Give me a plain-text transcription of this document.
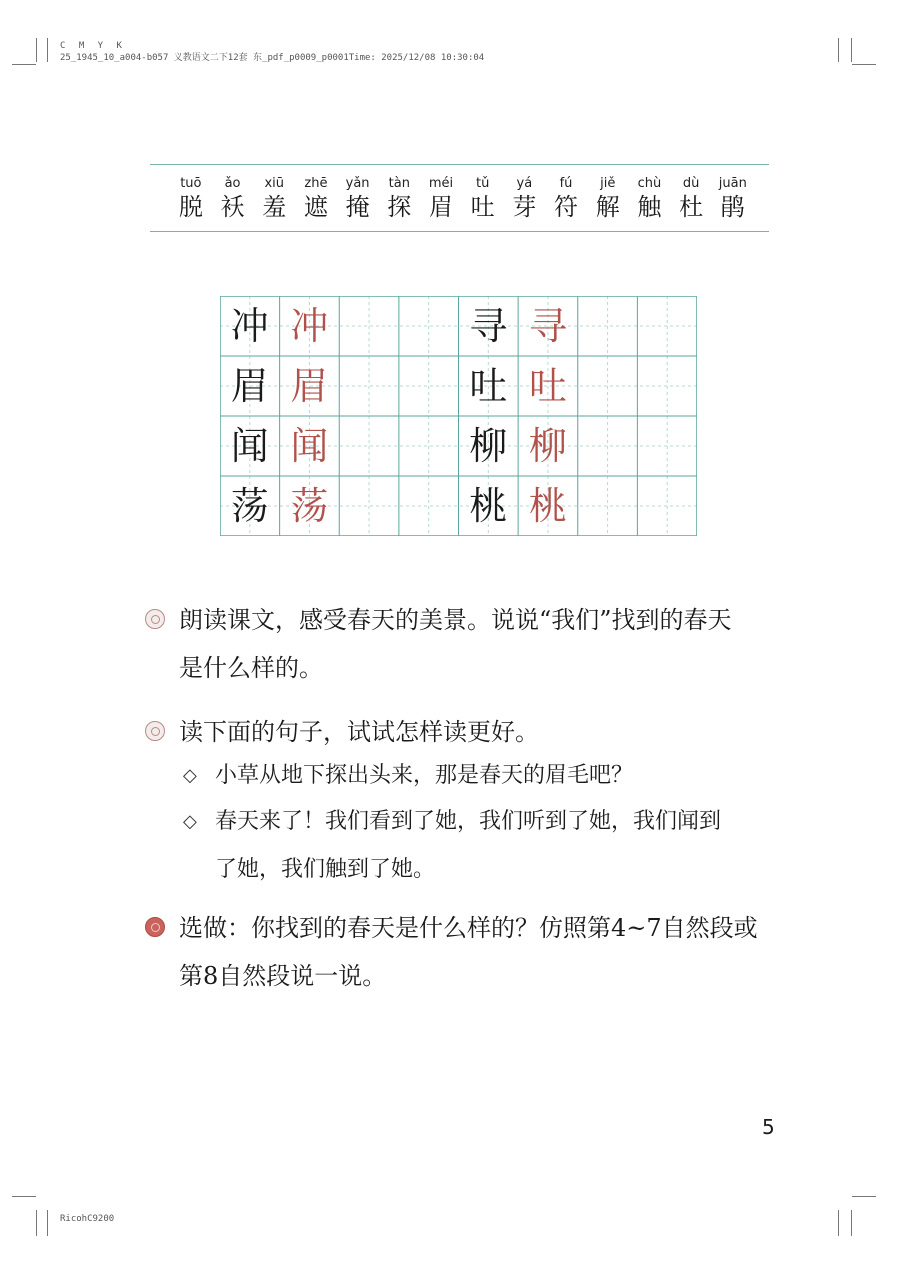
C M Y K
25_1945_10_a004-b057 义教语文二下12套 东_pdf_p0009_p0001Time: 2025/12/08 10:30:04
tuō
脱
ǎo
袄
xiū
羞
zhē
遮
yǎn
掩
tàn
探
méi
眉
tǔ
吐
yá
芽
fú
符
jiě
解
chù
触
dù
杜
juān
鹃
冲 冲
眉 眉
闻 闻
荡 荡
寻 寻
吐 吐
柳 柳
桃 桃
朗读课文，感受春天的美景。说说“我们”找到的春天
是什么样的。
读下面的句子，试试怎样读更好。
◇ 小草从地下探出头来，那是春天的眉毛吧？
◇ 春天来了！我们看到了她，我们听到了她，我们闻到
了她，我们触到了她。
选做：你找到的春天是什么样的？仿照第4~7自然段或
第8自然段说一说。
5
RicohC9200
